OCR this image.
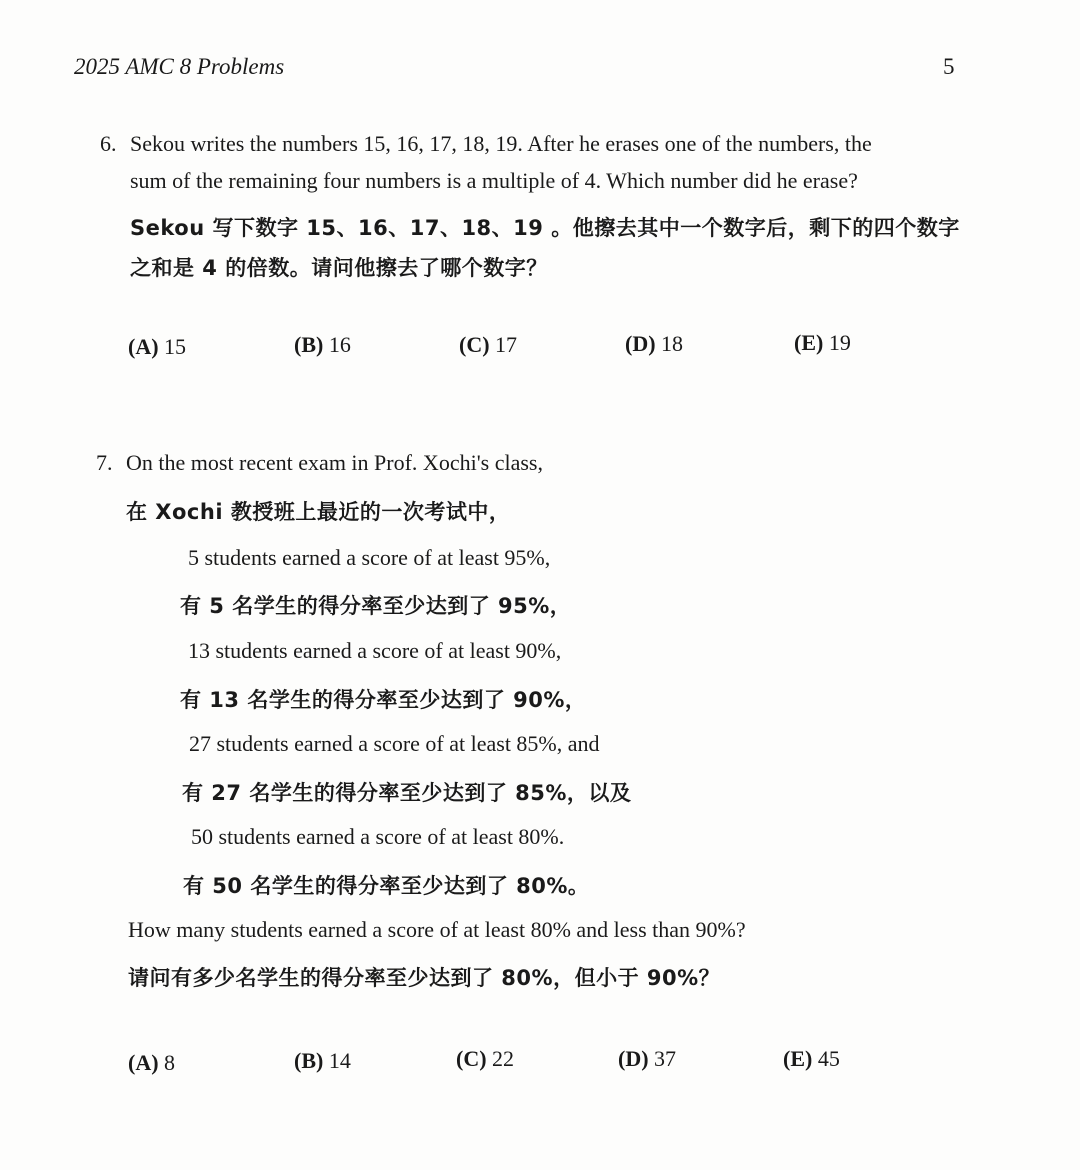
2025 AMC 8 Problems	5
6. Sekou writes the numbers 15, 16, 17, 18, 19. After he erases one of the numbers, the
sum of the remaining four numbers is a multiple of 4. Which number did he erase?
Sekou 写下数字 15、16、17、18、19 。他擦去其中一个数字后，剩下的四个数字
之和是 4 的倍数。请问他擦去了哪个数字？
(A) 15	(B) 16	(C) 17	(D) 18	(E) 19
7. On the most recent exam in Prof. Xochi's class,
在 Xochi 教授班上最近的一次考试中，
5 students earned a score of at least 95%,
有 5 名学生的得分率至少达到了 95%，
13 students earned a score of at least 90%,
有 13 名学生的得分率至少达到了 90%，
27 students earned a score of at least 85%, and
有 27 名学生的得分率至少达到了 85%，以及
50 students earned a score of at least 80%.
有 50 名学生的得分率至少达到了 80%。
How many students earned a score of at least 80% and less than 90%?
请问有多少名学生的得分率至少达到了 80%，但小于 90%？
(A) 8	(B) 14	(C) 22	(D) 37	(E) 45
